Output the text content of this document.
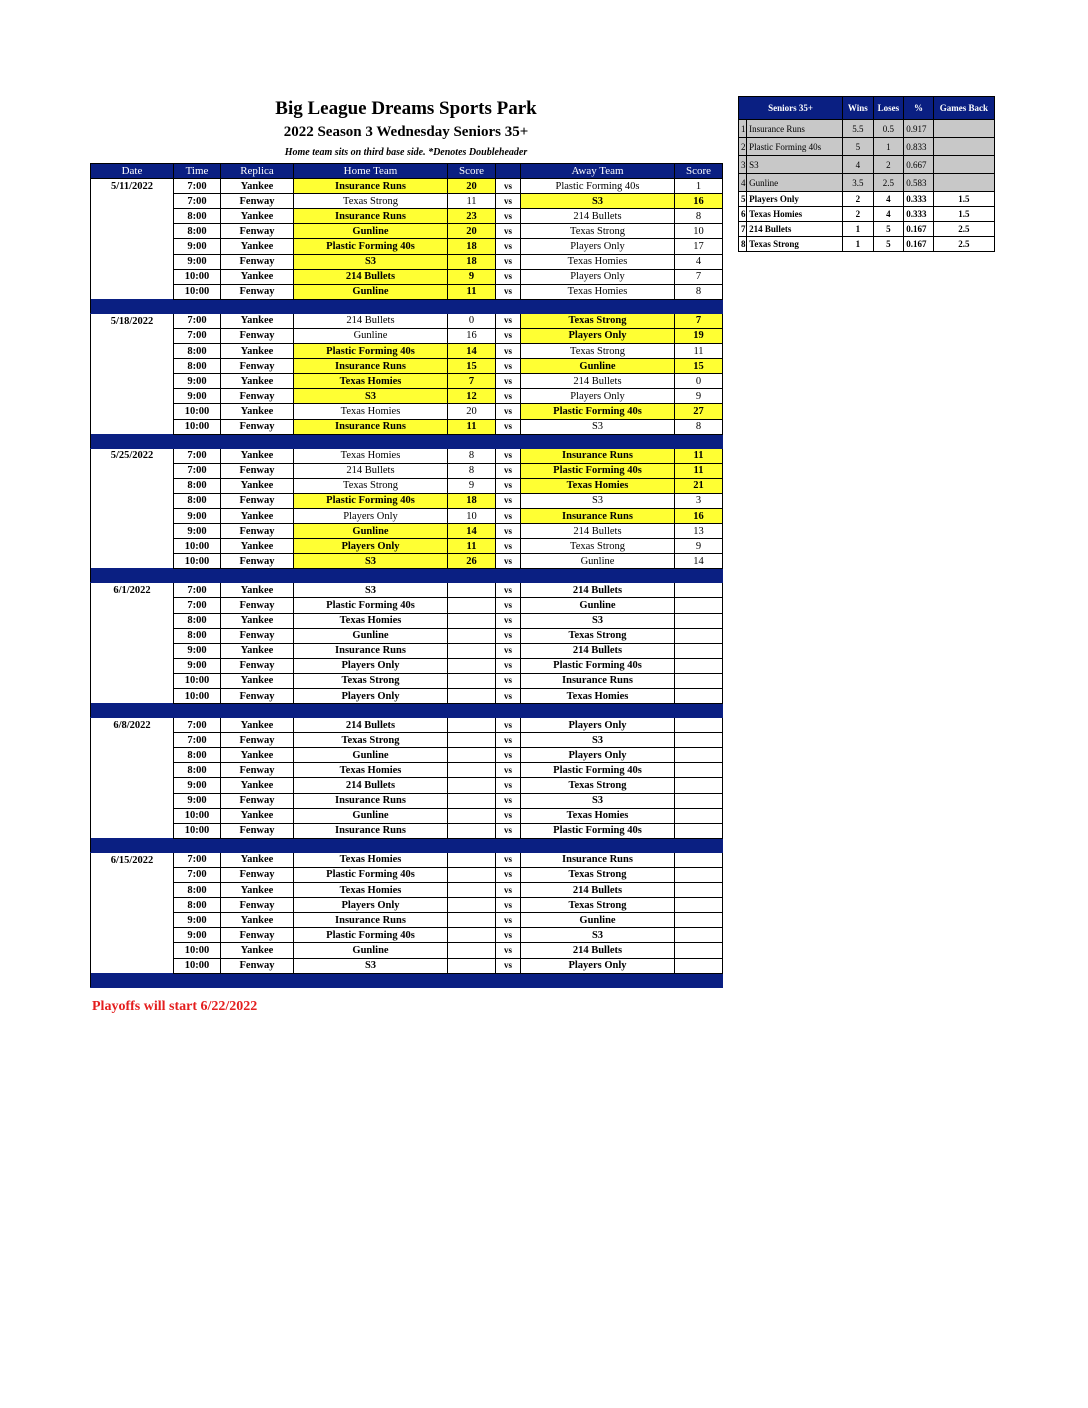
Big League Dreams Sports Park
2022 Season 3 Wednesday Seniors 35+
Home team sits on third base side. *Denotes Doubleheader
Date	Time	Replica	Home Team	Score		Away Team	Score
5/11/2022	7:00	Yankee	Insurance Runs	20	vs	Plastic Forming 40s	1
	7:00	Fenway	Texas Strong	11	vs	S3	16
	8:00	Yankee	Insurance Runs	23	vs	214 Bullets	8
	8:00	Fenway	Gunline	20	vs	Texas Strong	10
	9:00	Yankee	Plastic Forming 40s	18	vs	Players Only	17
	9:00	Fenway	S3	18	vs	Texas Homies	4
	10:00	Yankee	214 Bullets	9	vs	Players Only	7
	10:00	Fenway	Gunline	11	vs	Texas Homies	8

5/18/2022	7:00	Yankee	214 Bullets	0	vs	Texas Strong	7
	7:00	Fenway	Gunline	16	vs	Players Only	19
	8:00	Yankee	Plastic Forming 40s	14	vs	Texas Strong	11
	8:00	Fenway	Insurance Runs	15	vs	Gunline	15
	9:00	Yankee	Texas Homies	7	vs	214 Bullets	0
	9:00	Fenway	S3	12	vs	Players Only	9
	10:00	Yankee	Texas Homies	20	vs	Plastic Forming 40s	27
	10:00	Fenway	Insurance Runs	11	vs	S3	8

5/25/2022	7:00	Yankee	Texas Homies	8	vs	Insurance Runs	11
	7:00	Fenway	214 Bullets	8	vs	Plastic Forming 40s	11
	8:00	Yankee	Texas Strong	9	vs	Texas Homies	21
	8:00	Fenway	Plastic Forming 40s	18	vs	S3	3
	9:00	Yankee	Players Only	10	vs	Insurance Runs	16
	9:00	Fenway	Gunline	14	vs	214 Bullets	13
	10:00	Yankee	Players Only	11	vs	Texas Strong	9
	10:00	Fenway	S3	26	vs	Gunline	14

6/1/2022	7:00	Yankee	S3		vs	214 Bullets	
	7:00	Fenway	Plastic Forming 40s		vs	Gunline	
	8:00	Yankee	Texas Homies		vs	S3	
	8:00	Fenway	Gunline		vs	Texas Strong	
	9:00	Yankee	Insurance Runs		vs	214 Bullets	
	9:00	Fenway	Players Only		vs	Plastic Forming 40s	
	10:00	Yankee	Texas Strong		vs	Insurance Runs	
	10:00	Fenway	Players Only		vs	Texas Homies	

6/8/2022	7:00	Yankee	214 Bullets		vs	Players Only	
	7:00	Fenway	Texas Strong		vs	S3	
	8:00	Yankee	Gunline		vs	Players Only	
	8:00	Fenway	Texas Homies		vs	Plastic Forming 40s	
	9:00	Yankee	214 Bullets		vs	Texas Strong	
	9:00	Fenway	Insurance Runs		vs	S3	
	10:00	Yankee	Gunline		vs	Texas Homies	
	10:00	Fenway	Insurance Runs		vs	Plastic Forming 40s	

6/15/2022	7:00	Yankee	Texas Homies		vs	Insurance Runs	
	7:00	Fenway	Plastic Forming 40s		vs	Texas Strong	
	8:00	Yankee	Texas Homies		vs	214 Bullets	
	8:00	Fenway	Players Only		vs	Texas Strong	
	9:00	Yankee	Insurance Runs		vs	Gunline	
	9:00	Fenway	Plastic Forming 40s		vs	S3	
	10:00	Yankee	Gunline		vs	214 Bullets	
	10:00	Fenway	S3		vs	Players Only	

Seniors 35+		Wins	Loses	%	Games Back
1	Insurance Runs	5.5	0.5	0.917	
2	Plastic Forming 40s	5	1	0.833	
3	S3	4	2	0.667	
4	Gunline	3.5	2.5	0.583	
5	Players Only	2	4	0.333	1.5
6	Texas Homies	2	4	0.333	1.5
7	214 Bullets	1	5	0.167	2.5
8	Texas Strong	1	5	0.167	2.5
Playoffs will start 6/22/2022
